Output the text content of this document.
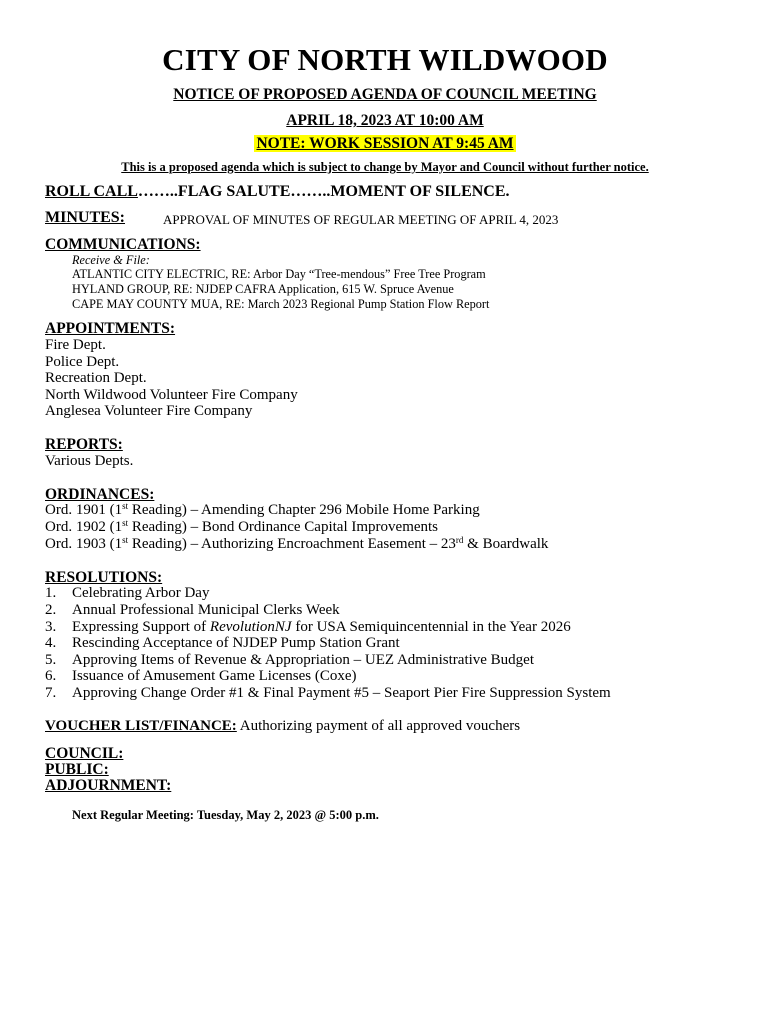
CITY OF NORTH WILDWOOD
NOTICE OF PROPOSED AGENDA OF COUNCIL MEETING
APRIL 18, 2023 AT 10:00 AM
NOTE: WORK SESSION AT 9:45 AM
This is a proposed agenda which is subject to change by Mayor and Council without further notice.
ROLL CALL……..FLAG SALUTE……..MOMENT OF SILENCE.
MINUTES:	APPROVAL OF MINUTES OF REGULAR MEETING OF APRIL 4, 2023
COMMUNICATIONS:
Receive & File:
ATLANTIC CITY ELECTRIC, RE: Arbor Day “Tree-mendous” Free Tree Program
HYLAND GROUP, RE: NJDEP CAFRA Application, 615 W. Spruce Avenue
CAPE MAY COUNTY MUA, RE: March 2023 Regional Pump Station Flow Report
APPOINTMENTS:
Fire Dept.
Police Dept.
Recreation Dept.
North Wildwood Volunteer Fire Company
Anglesea Volunteer Fire Company
REPORTS:
Various Depts.
ORDINANCES:
Ord. 1901 (1st Reading) – Amending Chapter 296 Mobile Home Parking
Ord. 1902 (1st Reading) – Bond Ordinance Capital Improvements
Ord. 1903 (1st Reading) – Authorizing Encroachment Easement – 23rd & Boardwalk
RESOLUTIONS:
1. Celebrating Arbor Day
2. Annual Professional Municipal Clerks Week
3. Expressing Support of RevolutionNJ for USA Semiquincentennial in the Year 2026
4. Rescinding Acceptance of NJDEP Pump Station Grant
5. Approving Items of Revenue & Appropriation – UEZ Administrative Budget
6. Issuance of Amusement Game Licenses (Coxe)
7. Approving Change Order #1 & Final Payment #5 – Seaport Pier Fire Suppression System
VOUCHER LIST/FINANCE: Authorizing payment of all approved vouchers
COUNCIL:
PUBLIC:
ADJOURNMENT:
Next Regular Meeting: Tuesday, May 2, 2023 @ 5:00 p.m.
